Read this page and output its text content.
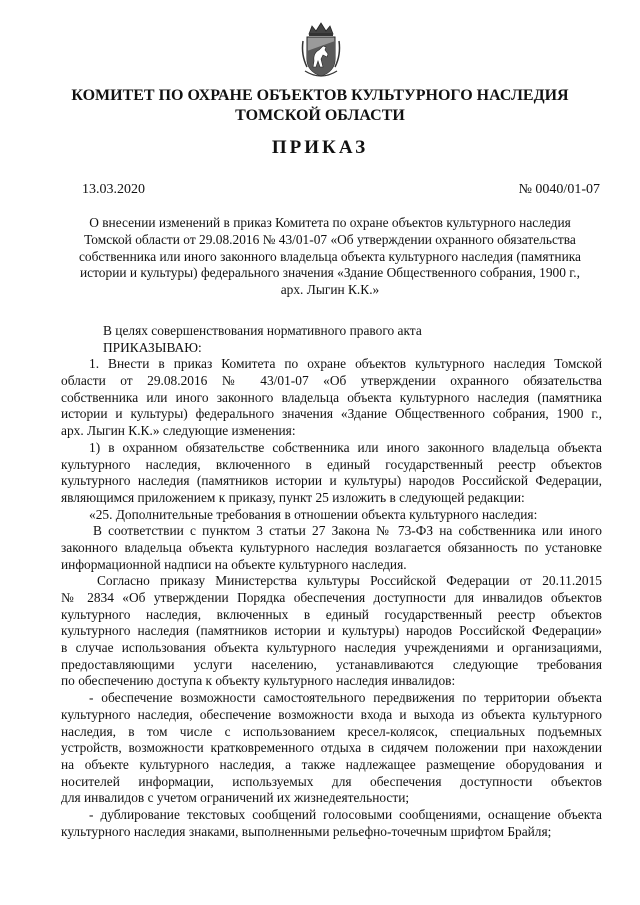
КОМИТЕТ ПО ОХРАНЕ ОБЪЕКТОВ КУЛЬТУРНОГО НАСЛЕДИЯ
ТОМСКОЙ ОБЛАСТИ
ПРИКАЗ
13.03.2020	№ 0040/01-07
О внесении изменений в приказ Комитета по охране объектов культурного наследия
Томской области от 29.08.2016 № 43/01-07 «Об утверждении охранного обязательства
собственника или иного законного владельца объекта культурного наследия (памятника
истории и культуры) федерального значения «Здание Общественного собрания, 1900 г.,
арх. Лыгин К.К.»
В целях совершенствования нормативного правого акта
ПРИКАЗЫВАЮ:
1. Внести в приказ Комитета по охране объектов культурного наследия Томской
области от 29.08.2016 № 43/01-07 «Об утверждении охранного обязательства
собственника или иного законного владельца объекта культурного наследия (памятника
истории и культуры) федерального значения «Здание Общественного собрания, 1900 г.,
арх. Лыгин К.К.» следующие изменения:
1) в охранном обязательстве собственника или иного законного владельца объекта
культурного наследия, включенного в единый государственный реестр объектов
культурного наследия (памятников истории и культуры) народов Российской Федерации,
являющимся приложением к приказу, пункт 25 изложить в следующей редакции:
«25. Дополнительные требования в отношении объекта культурного наследия:
В соответствии с пунктом 3 статьи 27 Закона № 73-ФЗ на собственника или иного
законного владельца объекта культурного наследия возлагается обязанность по установке
информационной надписи на объекте культурного наследия.
Согласно приказу Министерства культуры Российской Федерации от 20.11.2015
№ 2834 «Об утверждении Порядка обеспечения доступности для инвалидов объектов
культурного наследия, включенных в единый государственный реестр объектов
культурного наследия (памятников истории и культуры) народов Российской Федерации»
в случае использования объекта культурного наследия учреждениями и организациями,
предоставляющими услуги населению, устанавливаются следующие требования
по обеспечению доступа к объекту культурного наследия инвалидов:
- обеспечение возможности самостоятельного передвижения по территории объекта
культурного наследия, обеспечение возможности входа и выхода из объекта культурного
наследия, в том числе с использованием кресел-колясок, специальных подъемных
устройств, возможности кратковременного отдыха в сидячем положении при нахождении
на объекте культурного наследия, а также надлежащее размещение оборудования и
носителей информации, используемых для обеспечения доступности объектов
для инвалидов с учетом ограничений их жизнедеятельности;
- дублирование текстовых сообщений голосовыми сообщениями, оснащение объекта
культурного наследия знаками, выполненными рельефно-точечным шрифтом Брайля;
